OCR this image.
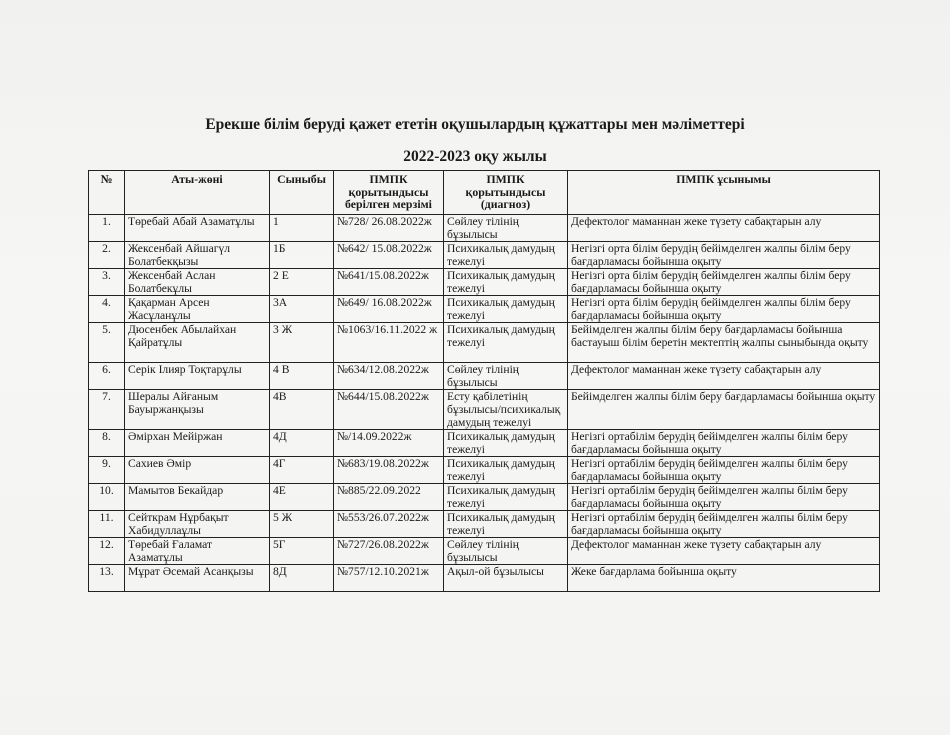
Ерекше білім беруді қажет ететін оқушылардың құжаттары мен мәліметтері
2022-2023 оқу жылы
№	Аты-жөні	Сыныбы	ПМПК қорытындысы берілген мерзімі	ПМПК қорытындысы (диагноз)	ПМПК ұсынымы
1.	Төребай Абай Азаматұлы	1	№728/ 26.08.2022ж	Сөйлеу тілінің бұзылысы	Дефектолог маманнан жеке түзету сабақтарын алу
2.	Жексенбай Айшагүл Болатбекқызы	1Б	№642/ 15.08.2022ж	Психикалық дамудың тежелуі	Негізгі орта білім берудің бейімделген жалпы білім беру бағдарламасы бойынша оқыту
3.	Жексенбай Аслан Болатбекұлы	2 Е	№641/15.08.2022ж	Психикалық дамудың тежелуі	Негізгі орта білім берудің бейімделген жалпы білім беру бағдарламасы бойынша оқыту
4.	Қақарман Арсен Жасұланұлы	3А	№649/ 16.08.2022ж	Психикалық дамудың тежелуі	Негізгі орта білім берудің бейімделген жалпы білім беру бағдарламасы бойынша оқыту
5.	Дюсенбек Абылайхан Қайратұлы	3 Ж	№1063/16.11.2022 ж	Психикалық дамудың тежелуі	Бейімделген жалпы білім беру бағдарламасы бойынша бастауыш білім беретін мектептің жалпы сыныбында оқыту
6.	Серік Ілияр Тоқтарұлы	4 В	№634/12.08.2022ж	Сөйлеу тілінің бұзылысы	Дефектолог маманнан жеке түзету сабақтарын алу
7.	Шералы Айғаным Бауыржанқызы	4В	№644/15.08.2022ж	Есту қабілетінің бұзылысы/психикалық дамудың тежелуі	Бейімделген жалпы білім беру бағдарламасы бойынша оқыту
8.	Әмірхан Мейіржан	4Д	№/14.09.2022ж	Психикалық дамудың тежелуі	Негізгі ортабілім берудің бейімделген жалпы білім беру бағдарламасы бойынша оқыту
9.	Сахиев Әмір	4Г	№683/19.08.2022ж	Психикалық дамудың тежелуі	Негізгі ортабілім берудің бейімделген жалпы білім беру бағдарламасы бойынша оқыту
10.	Мамытов Бекайдар	4Е	№885/22.09.2022	Психикалық дамудың тежелуі	Негізгі ортабілім берудің бейімделген жалпы білім беру бағдарламасы бойынша оқыту
11.	Сейткрам Нұрбақыт Хабидуллаұлы	5 Ж	№553/26.07.2022ж	Психикалық дамудың тежелуі	Негізгі ортабілім берудің бейімделген жалпы білім беру бағдарламасы бойынша оқыту
12.	Төребай Ғаламат Азаматұлы	5Г	№727/26.08.2022ж	Сөйлеу тілінің бұзылысы	Дефектолог маманнан жеке түзету сабақтарын алу
13.	Мұрат Әсемай Асанқызы	8Д	№757/12.10.2021ж	Ақыл-ой бұзылысы	Жеке бағдарлама бойынша оқыту
